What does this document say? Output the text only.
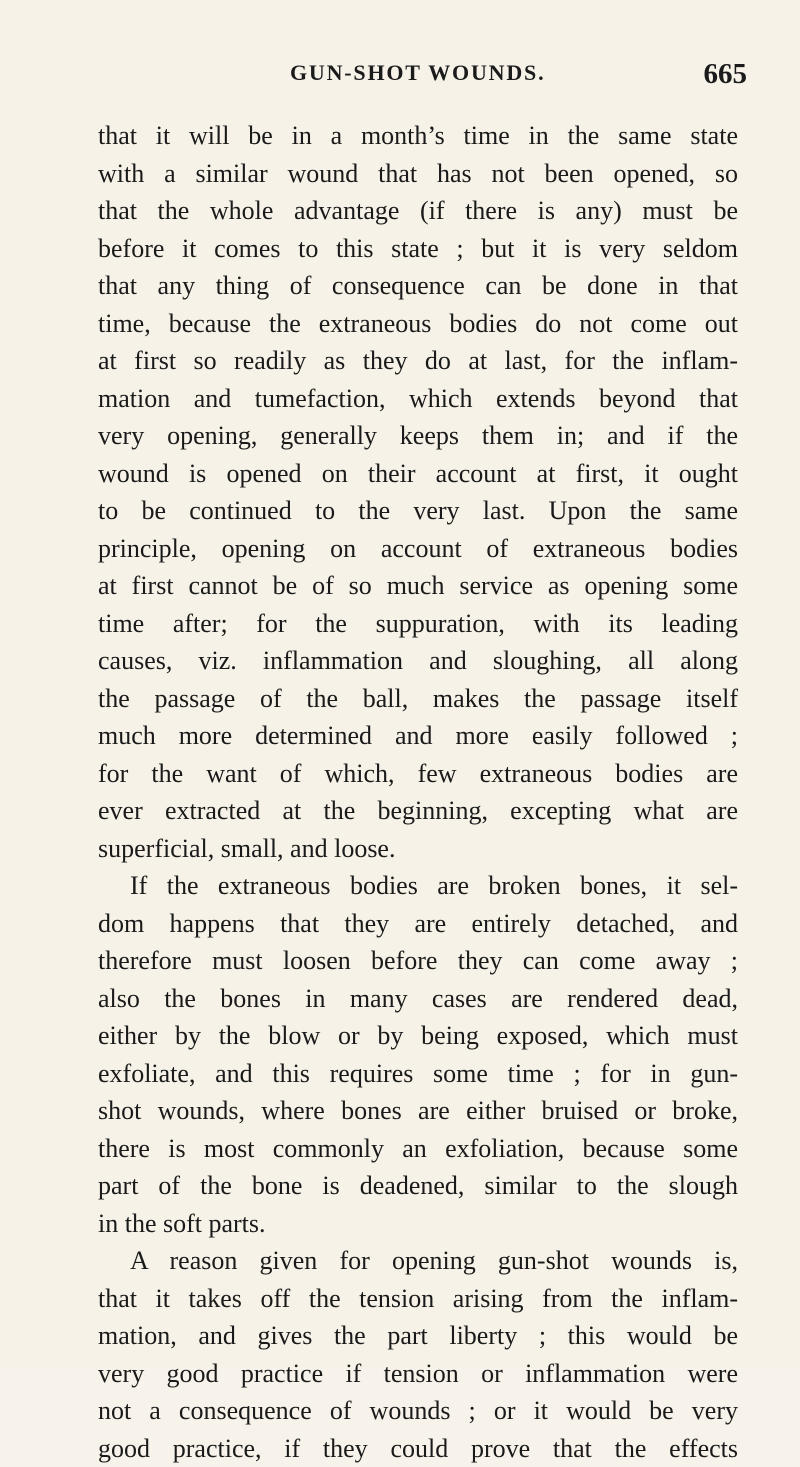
GUN-SHOT WOUNDS.	665
that it will be in a month’s time in the same state
with a similar wound that has not been opened, so
that the whole advantage (if there is any) must be
before it comes to this state ; but it is very seldom
that any thing of consequence can be done in that
time, because the extraneous bodies do not come out
at first so readily as they do at last, for the inflam-
mation and tumefaction, which extends beyond that
very opening, generally keeps them in; and if the
wound is opened on their account at first, it ought
to be continued to the very last. Upon the same
principle, opening on account of extraneous bodies
at first cannot be of so much service as opening some
time after; for the suppuration, with its leading
causes, viz. inflammation and sloughing, all along
the passage of the ball, makes the passage itself
much more determined and more easily followed ;
for the want of which, few extraneous bodies are
ever extracted at the beginning, excepting what are
superficial, small, and loose.
If the extraneous bodies are broken bones, it sel-
dom happens that they are entirely detached, and
therefore must loosen before they can come away ;
also the bones in many cases are rendered dead,
either by the blow or by being exposed, which must
exfoliate, and this requires some time ; for in gun-
shot wounds, where bones are either bruised or broke,
there is most commonly an exfoliation, because some
part of the bone is deadened, similar to the slough
in the soft parts.
A reason given for opening gun-shot wounds is,
that it takes off the tension arising from the inflam-
mation, and gives the part liberty ; this would be
very good practice if tension or inflammation were
not a consequence of wounds ; or it would be very
good practice, if they could prove that the effects
